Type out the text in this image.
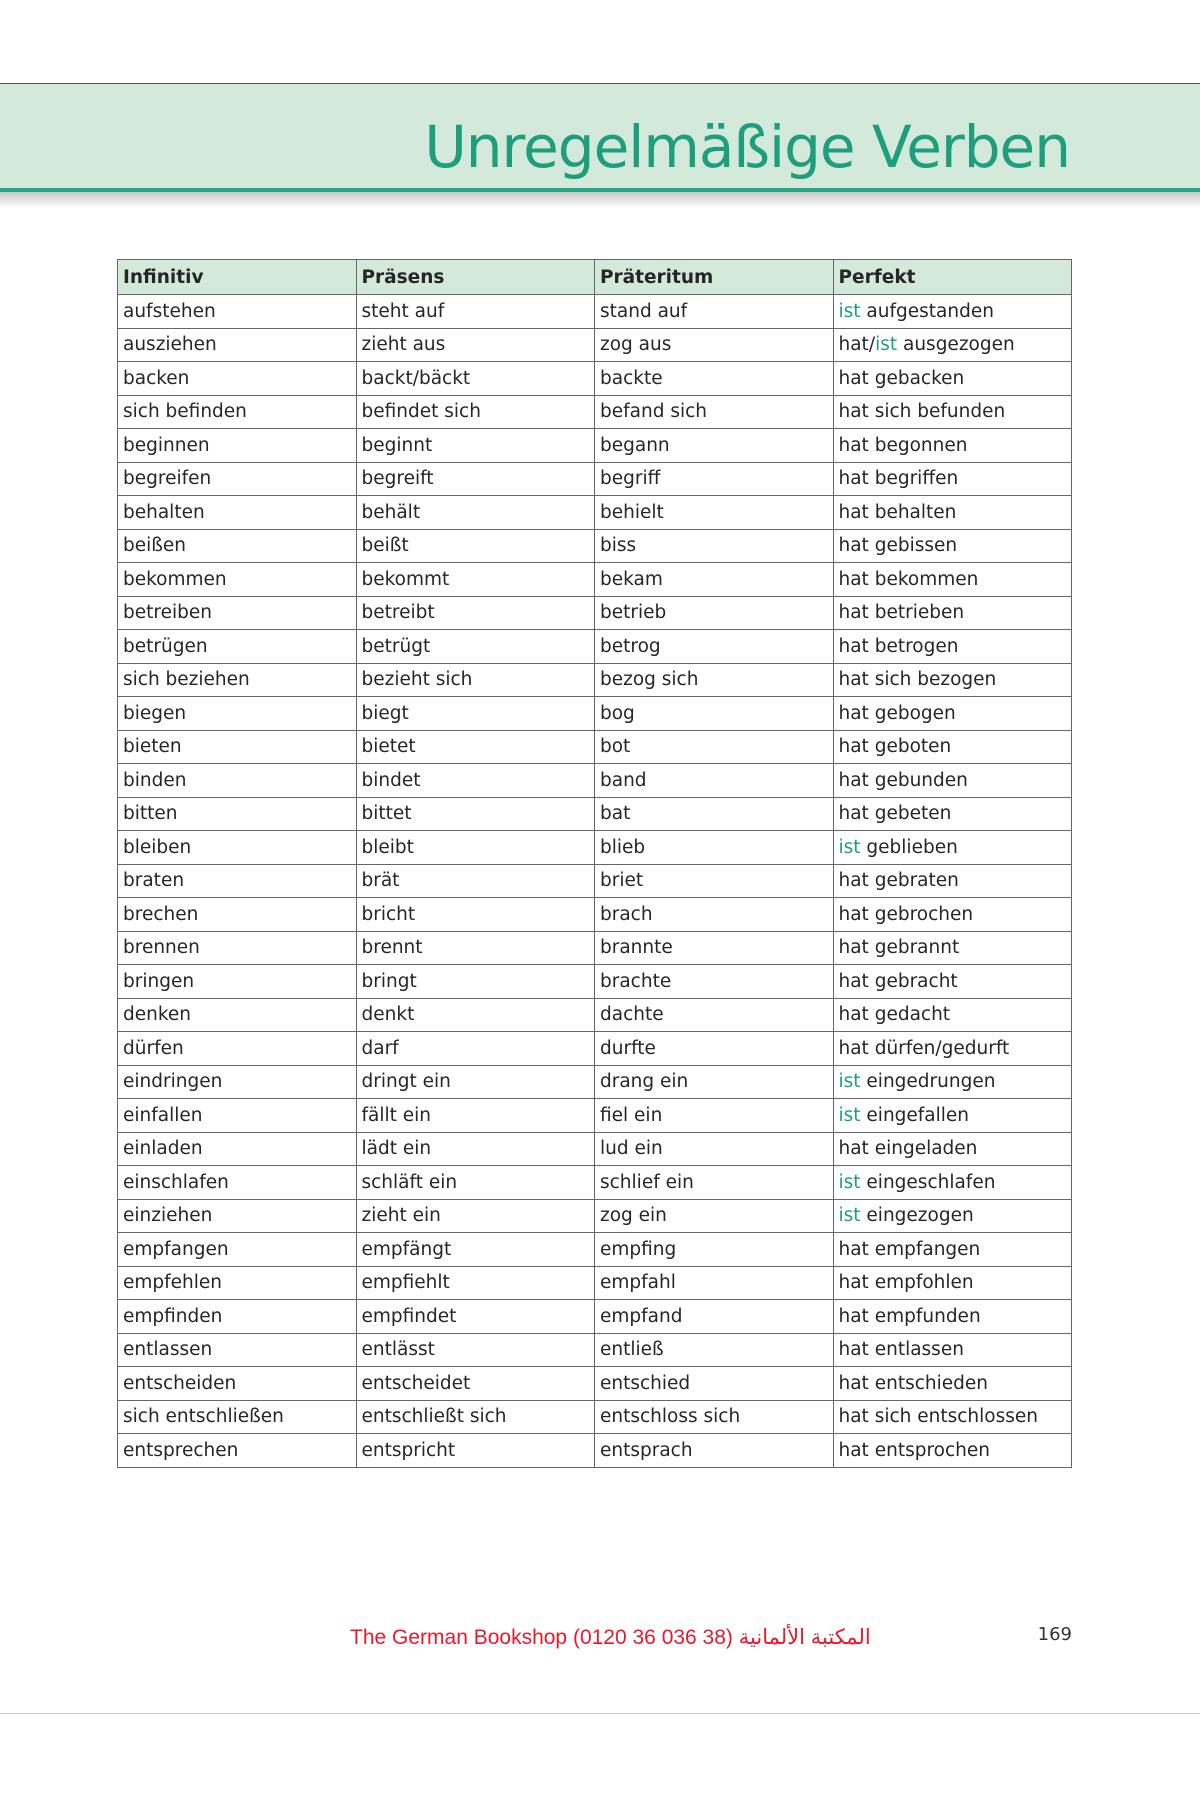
Unregelmäßige Verben
Infinitiv	Präsens	Präteritum	Perfekt
aufstehen	steht auf	stand auf	ist aufgestanden
ausziehen	zieht aus	zog aus	hat/ist ausgezogen
backen	backt/bäckt	backte	hat gebacken
sich befinden	befindet sich	befand sich	hat sich befunden
beginnen	beginnt	begann	hat begonnen
begreifen	begreift	begriff	hat begriffen
behalten	behält	behielt	hat behalten
beißen	beißt	biss	hat gebissen
bekommen	bekommt	bekam	hat bekommen
betreiben	betreibt	betrieb	hat betrieben
betrügen	betrügt	betrog	hat betrogen
sich beziehen	bezieht sich	bezog sich	hat sich bezogen
biegen	biegt	bog	hat gebogen
bieten	bietet	bot	hat geboten
binden	bindet	band	hat gebunden
bitten	bittet	bat	hat gebeten
bleiben	bleibt	blieb	ist geblieben
braten	brät	briet	hat gebraten
brechen	bricht	brach	hat gebrochen
brennen	brennt	brannte	hat gebrannt
bringen	bringt	brachte	hat gebracht
denken	denkt	dachte	hat gedacht
dürfen	darf	durfte	hat dürfen/gedurft
eindringen	dringt ein	drang ein	ist eingedrungen
einfallen	fällt ein	fiel ein	ist eingefallen
einladen	lädt ein	lud ein	hat eingeladen
einschlafen	schläft ein	schlief ein	ist eingeschlafen
einziehen	zieht ein	zog ein	ist eingezogen
empfangen	empfängt	empfing	hat empfangen
empfehlen	empfiehlt	empfahl	hat empfohlen
empfinden	empfindet	empfand	hat empfunden
entlassen	entlässt	entließ	hat entlassen
entscheiden	entscheidet	entschied	hat entschieden
sich entschließen	entschließt sich	entschloss sich	hat sich entschlossen
entsprechen	entspricht	entsprach	hat entsprochen
The German Bookshop (0120 36 036 38) المكتبة الألمانية	169
